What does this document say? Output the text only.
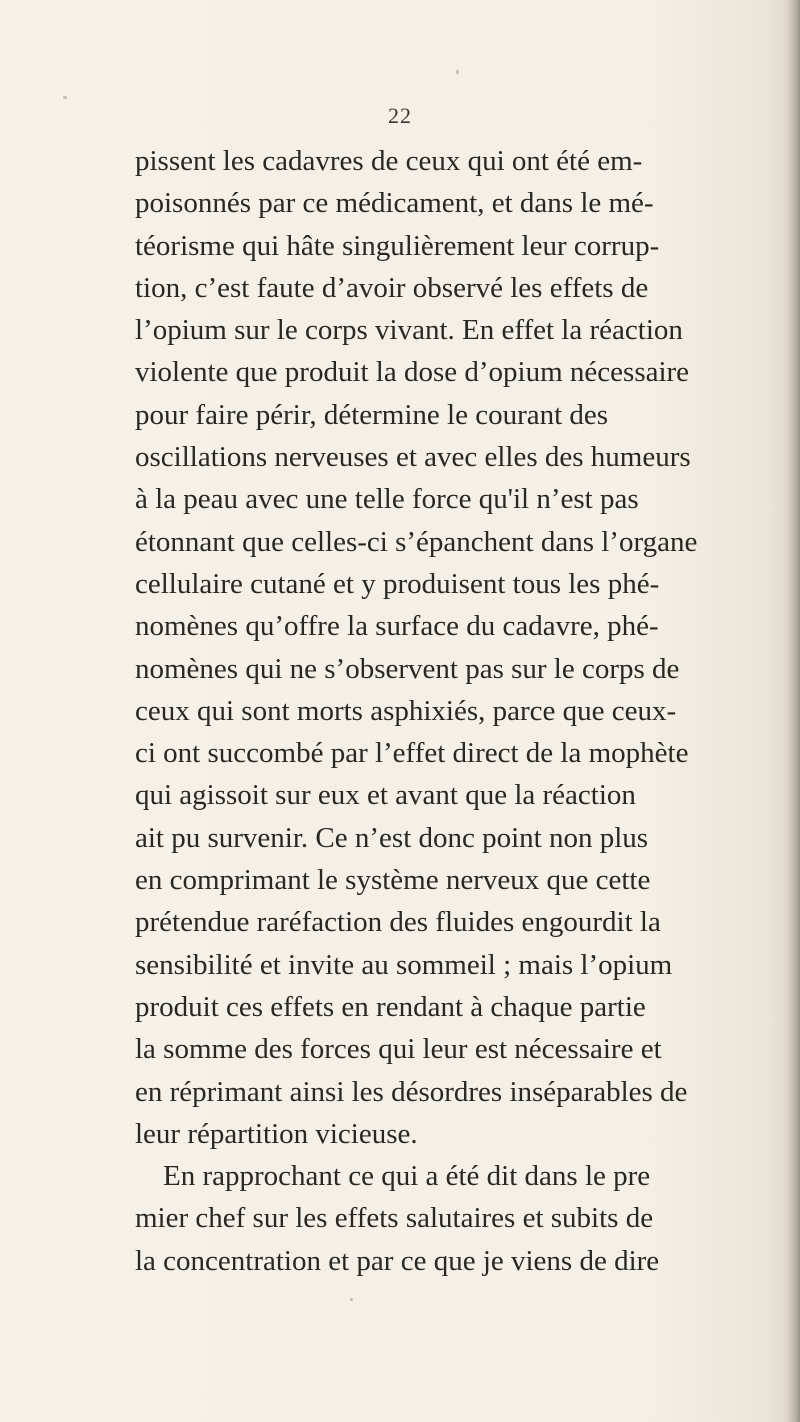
22
pissent les cadavres de ceux qui ont été em-
poisonnés par ce médicament, et dans le mé-
téorisme qui hâte singulièrement leur corrup-
tion, c’est faute d’avoir observé les effets de
l’opium sur le corps vivant. En effet la réaction
violente que produit la dose d’opium nécessaire
pour faire périr, détermine le courant des
oscillations nerveuses et avec elles des humeurs
à la peau avec une telle force qu'il n’est pas
étonnant que celles-ci s’épanchent dans l’organe
cellulaire cutané et y produisent tous les phé-
nomènes qu’offre la surface du cadavre, phé-
nomènes qui ne s’observent pas sur le corps de
ceux qui sont morts asphixiés, parce que ceux-
ci ont succombé par l’effet direct de la mophète
qui agissoit sur eux et avant que la réaction
ait pu survenir. Ce n’est donc point non plus
en comprimant le système nerveux que cette
prétendue raréfaction des fluides engourdit la
sensibilité et invite au sommeil ; mais l’opium
produit ces effets en rendant à chaque partie
la somme des forces qui leur est nécessaire et
en réprimant ainsi les désordres inséparables de
leur répartition vicieuse.
En rapprochant ce qui a été dit dans le pre
mier chef sur les effets salutaires et subits de
la concentration et par ce que je viens de dire
